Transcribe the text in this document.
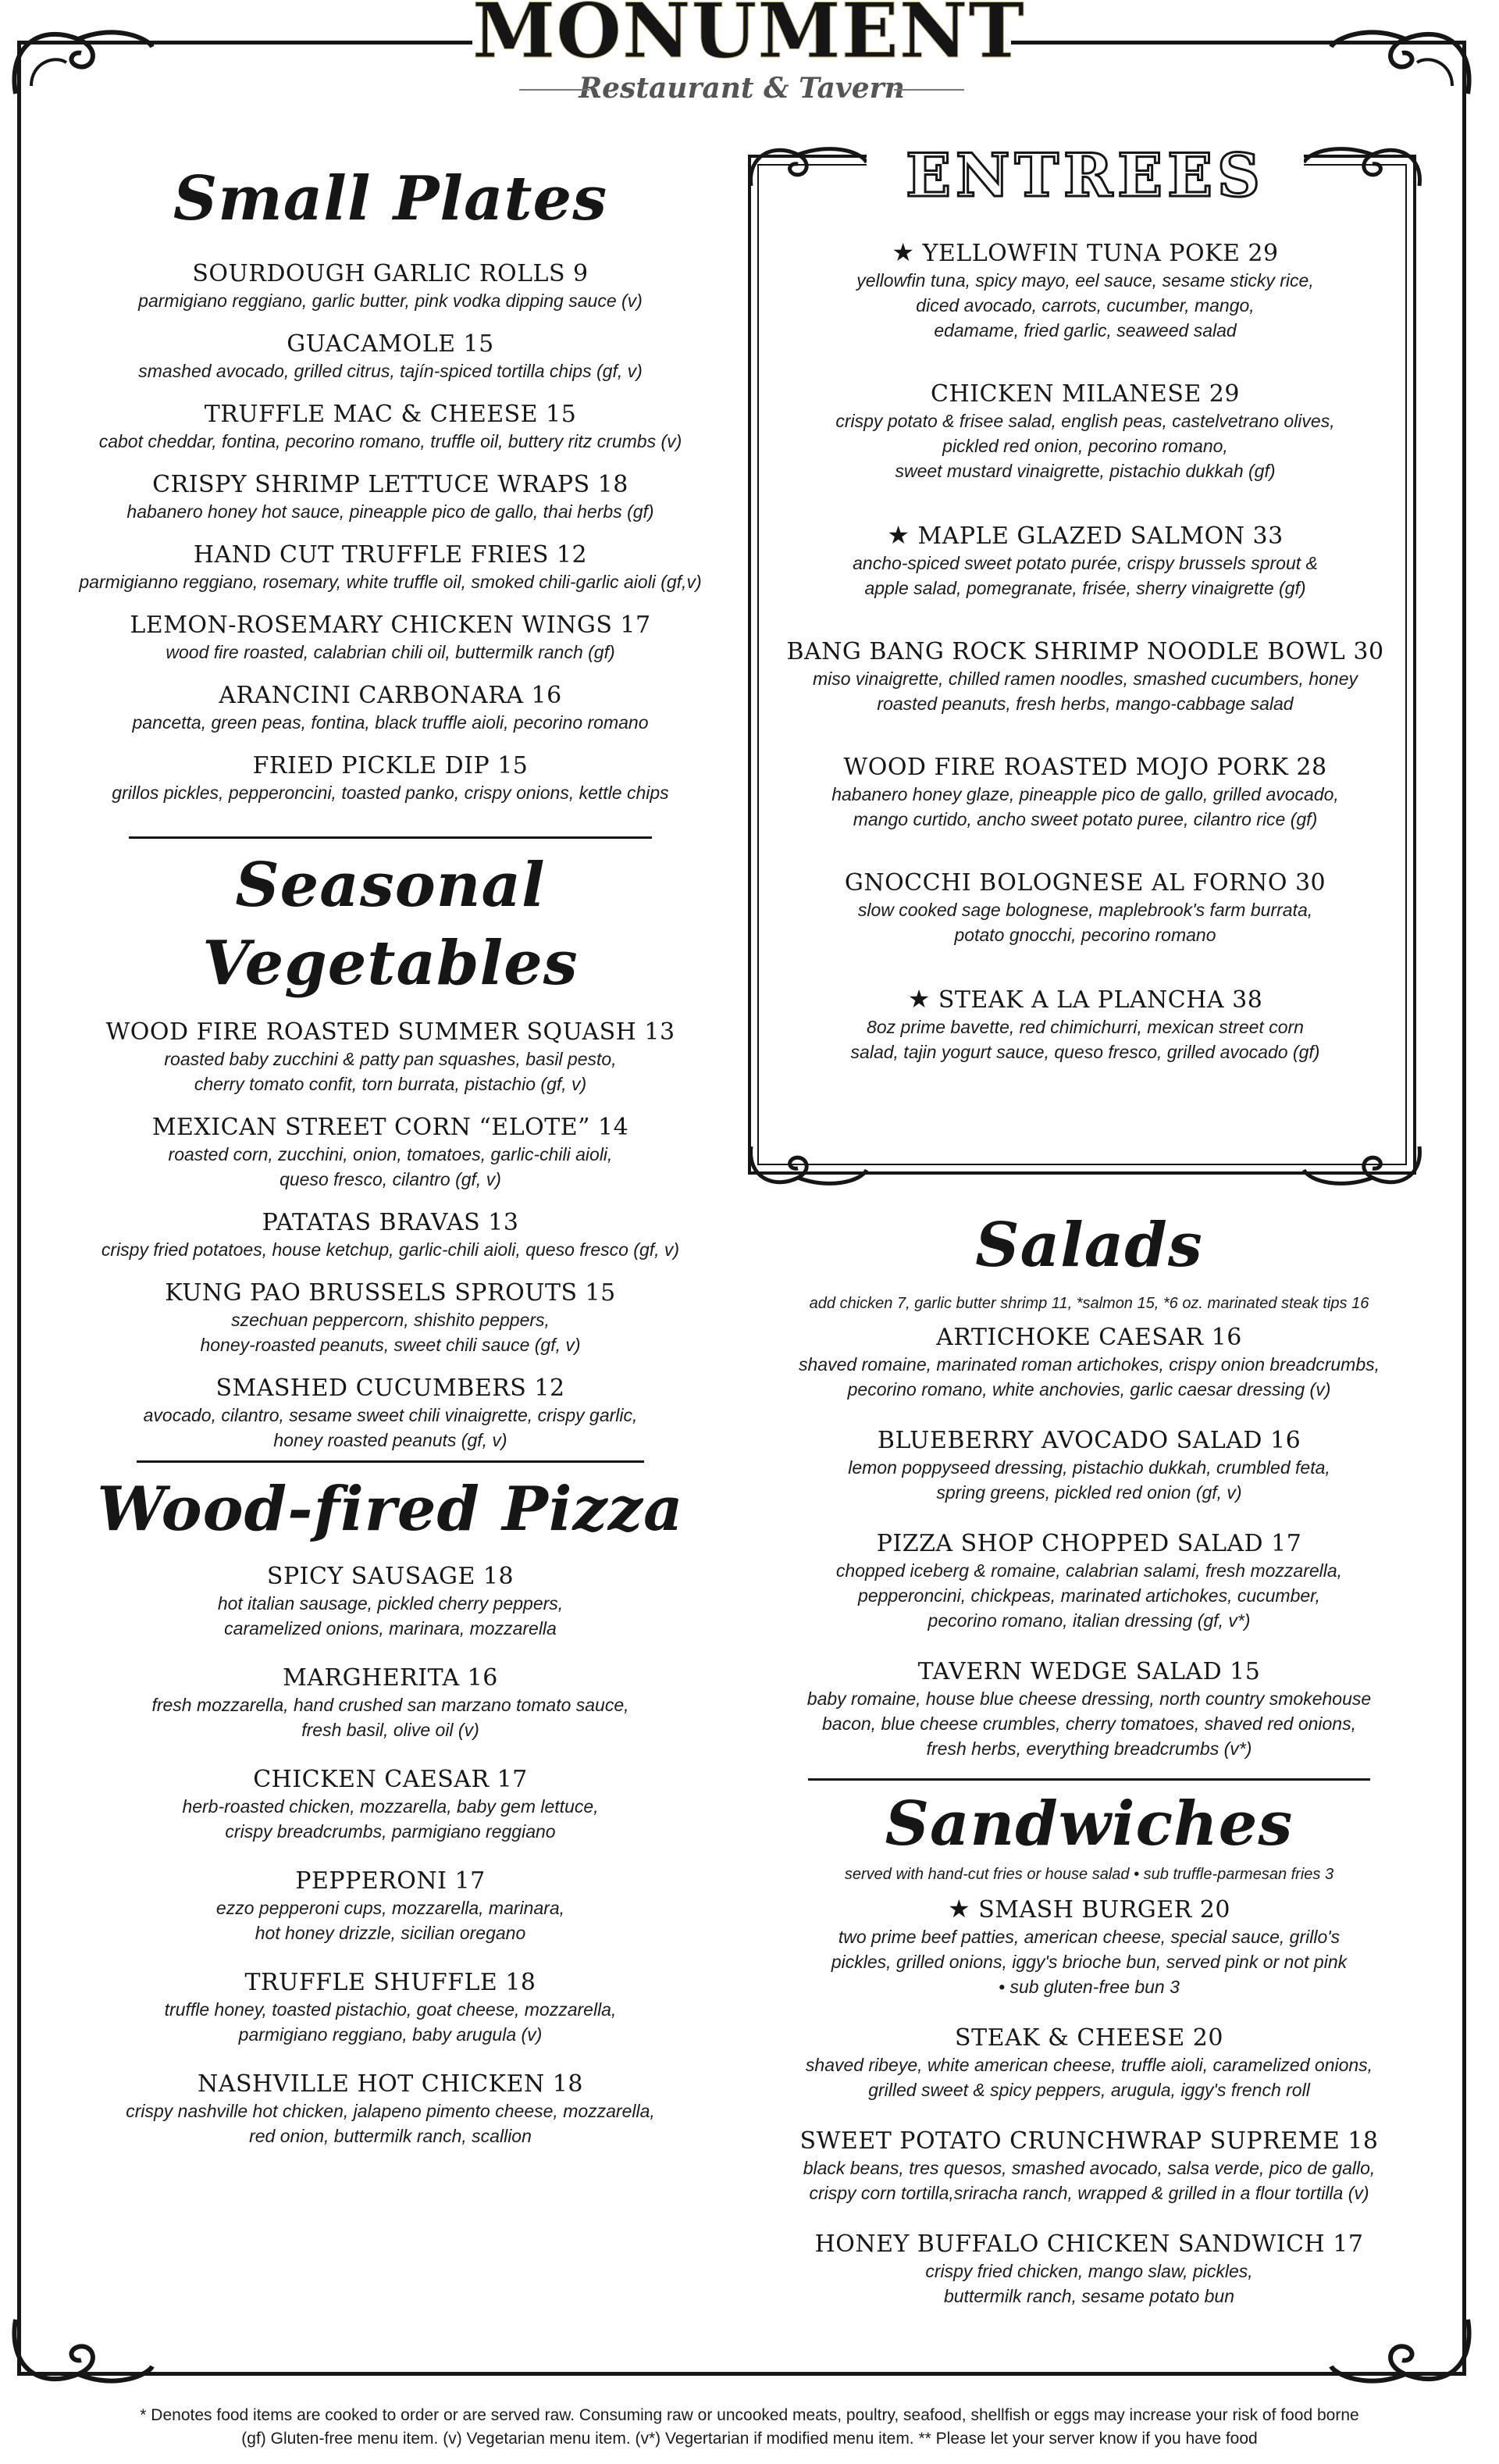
MONUMENT
Restaurant & Tavern
Small Plates
SOURDOUGH GARLIC ROLLS 9
parmigiano reggiano, garlic butter, pink vodka dipping sauce (v)
GUACAMOLE 15
smashed avocado, grilled citrus, tajín-spiced tortilla chips (gf, v)
TRUFFLE MAC & CHEESE 15
cabot cheddar, fontina, pecorino romano, truffle oil, buttery ritz crumbs (v)
CRISPY SHRIMP LETTUCE WRAPS 18
habanero honey hot sauce, pineapple pico de gallo, thai herbs (gf)
HAND CUT TRUFFLE FRIES 12
parmigianno reggiano, rosemary, white truffle oil, smoked chili-garlic aioli (gf,v)
LEMON-ROSEMARY CHICKEN WINGS 17
wood fire roasted, calabrian chili oil, buttermilk ranch (gf)
ARANCINI CARBONARA 16
pancetta, green peas, fontina, black truffle aioli, pecorino romano
FRIED PICKLE DIP 15
grillos pickles, pepperoncini, toasted panko, crispy onions, kettle chips
Seasonal Vegetables
WOOD FIRE ROASTED SUMMER SQUASH 13
roasted baby zucchini & patty pan squashes, basil pesto,
cherry tomato confit, torn burrata, pistachio (gf, v)
MEXICAN STREET CORN “ELOTE” 14
roasted corn, zucchini, onion, tomatoes, garlic-chili aioli,
queso fresco, cilantro (gf, v)
PATATAS BRAVAS 13
crispy fried potatoes, house ketchup, garlic-chili aioli, queso fresco (gf, v)
KUNG PAO BRUSSELS SPROUTS 15
szechuan peppercorn, shishito peppers,
honey-roasted peanuts, sweet chili sauce (gf, v)
SMASHED CUCUMBERS 12
avocado, cilantro, sesame sweet chili vinaigrette, crispy garlic,
honey roasted peanuts (gf, v)
Wood-fired Pizza
SPICY SAUSAGE 18
hot italian sausage, pickled cherry peppers,
caramelized onions, marinara, mozzarella
MARGHERITA 16
fresh mozzarella, hand crushed san marzano tomato sauce,
fresh basil, olive oil (v)
CHICKEN CAESAR 17
herb-roasted chicken, mozzarella, baby gem lettuce,
crispy breadcrumbs, parmigiano reggiano
PEPPERONI 17
ezzo pepperoni cups, mozzarella, marinara,
hot honey drizzle, sicilian oregano
TRUFFLE SHUFFLE 18
truffle honey, toasted pistachio, goat cheese, mozzarella,
parmigiano reggiano, baby arugula (v)
NASHVILLE HOT CHICKEN 18
crispy nashville hot chicken, jalapeno pimento cheese, mozzarella,
red onion, buttermilk ranch, scallion
ENTREES
★ YELLOWFIN TUNA POKE 29
yellowfin tuna, spicy mayo, eel sauce, sesame sticky rice,
diced avocado, carrots, cucumber, mango,
edamame, fried garlic, seaweed salad
CHICKEN MILANESE 29
crispy potato & frisee salad, english peas, castelvetrano olives,
pickled red onion, pecorino romano,
sweet mustard vinaigrette, pistachio dukkah (gf)
★ MAPLE GLAZED SALMON 33
ancho-spiced sweet potato purée, crispy brussels sprout &
apple salad, pomegranate, frisée, sherry vinaigrette (gf)
BANG BANG ROCK SHRIMP NOODLE BOWL 30
miso vinaigrette, chilled ramen noodles, smashed cucumbers, honey
roasted peanuts, fresh herbs, mango-cabbage salad
WOOD FIRE ROASTED MOJO PORK 28
habanero honey glaze, pineapple pico de gallo, grilled avocado,
mango curtido, ancho sweet potato puree, cilantro rice (gf)
GNOCCHI BOLOGNESE AL FORNO 30
slow cooked sage bolognese, maplebrook's farm burrata,
potato gnocchi, pecorino romano
★ STEAK A LA PLANCHA 38
8oz prime bavette, red chimichurri, mexican street corn
salad, tajin yogurt sauce, queso fresco, grilled avocado (gf)
Salads
add chicken 7, garlic butter shrimp 11, *salmon 15, *6 oz. marinated steak tips 16
ARTICHOKE CAESAR 16
shaved romaine, marinated roman artichokes, crispy onion breadcrumbs,
pecorino romano, white anchovies, garlic caesar dressing (v)
BLUEBERRY AVOCADO SALAD 16
lemon poppyseed dressing, pistachio dukkah, crumbled feta,
spring greens, pickled red onion (gf, v)
PIZZA SHOP CHOPPED SALAD 17
chopped iceberg & romaine, calabrian salami, fresh mozzarella,
pepperoncini, chickpeas, marinated artichokes, cucumber,
pecorino romano, italian dressing (gf, v*)
TAVERN WEDGE SALAD 15
baby romaine, house blue cheese dressing, north country smokehouse
bacon, blue cheese crumbles, cherry tomatoes, shaved red onions,
fresh herbs, everything breadcrumbs (v*)
Sandwiches
served with hand-cut fries or house salad • sub truffle-parmesan fries 3
★ SMASH BURGER 20
two prime beef patties, american cheese, special sauce, grillo's
pickles, grilled onions, iggy's brioche bun, served pink or not pink
• sub gluten-free bun 3
STEAK & CHEESE 20
shaved ribeye, white american cheese, truffle aioli, caramelized onions,
grilled sweet & spicy peppers, arugula, iggy's french roll
SWEET POTATO CRUNCHWRAP SUPREME 18
black beans, tres quesos, smashed avocado, salsa verde, pico de gallo,
crispy corn tortilla,sriracha ranch, wrapped & grilled in a flour tortilla (v)
HONEY BUFFALO CHICKEN SANDWICH 17
crispy fried chicken, mango slaw, pickles,
buttermilk ranch, sesame potato bun
* Denotes food items are cooked to order or are served raw. Consuming raw or uncooked meats, poultry, seafood, shellfish or eggs may increase your risk of food borne
(gf) Gluten-free menu item. (v) Vegetarian menu item. (v*) Vegertarian if modified menu item. ** Please let your server know if you have food
